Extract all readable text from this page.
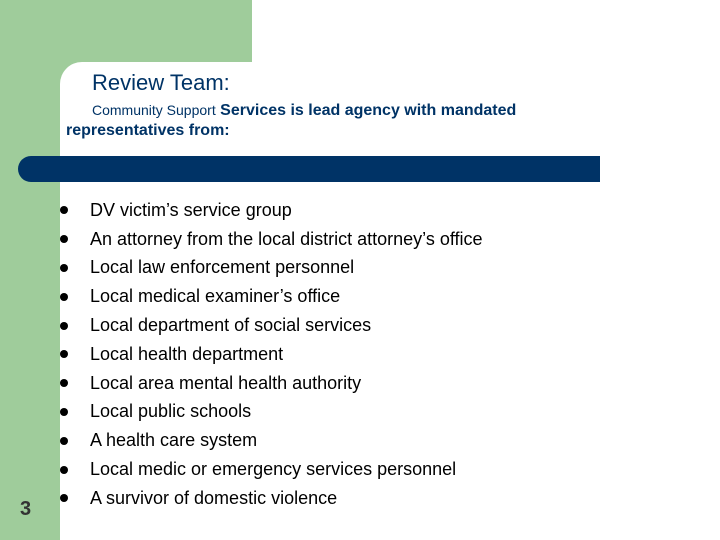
Review Team:
Community Support Services is lead agency with mandated
representatives from:
DV victim’s service group
An attorney from the local district attorney’s office
Local law enforcement personnel
Local medical examiner’s office
Local department of social services
Local health department
Local area mental health authority
Local public schools
A health care system
Local medic or emergency services personnel
A survivor of domestic violence
3
